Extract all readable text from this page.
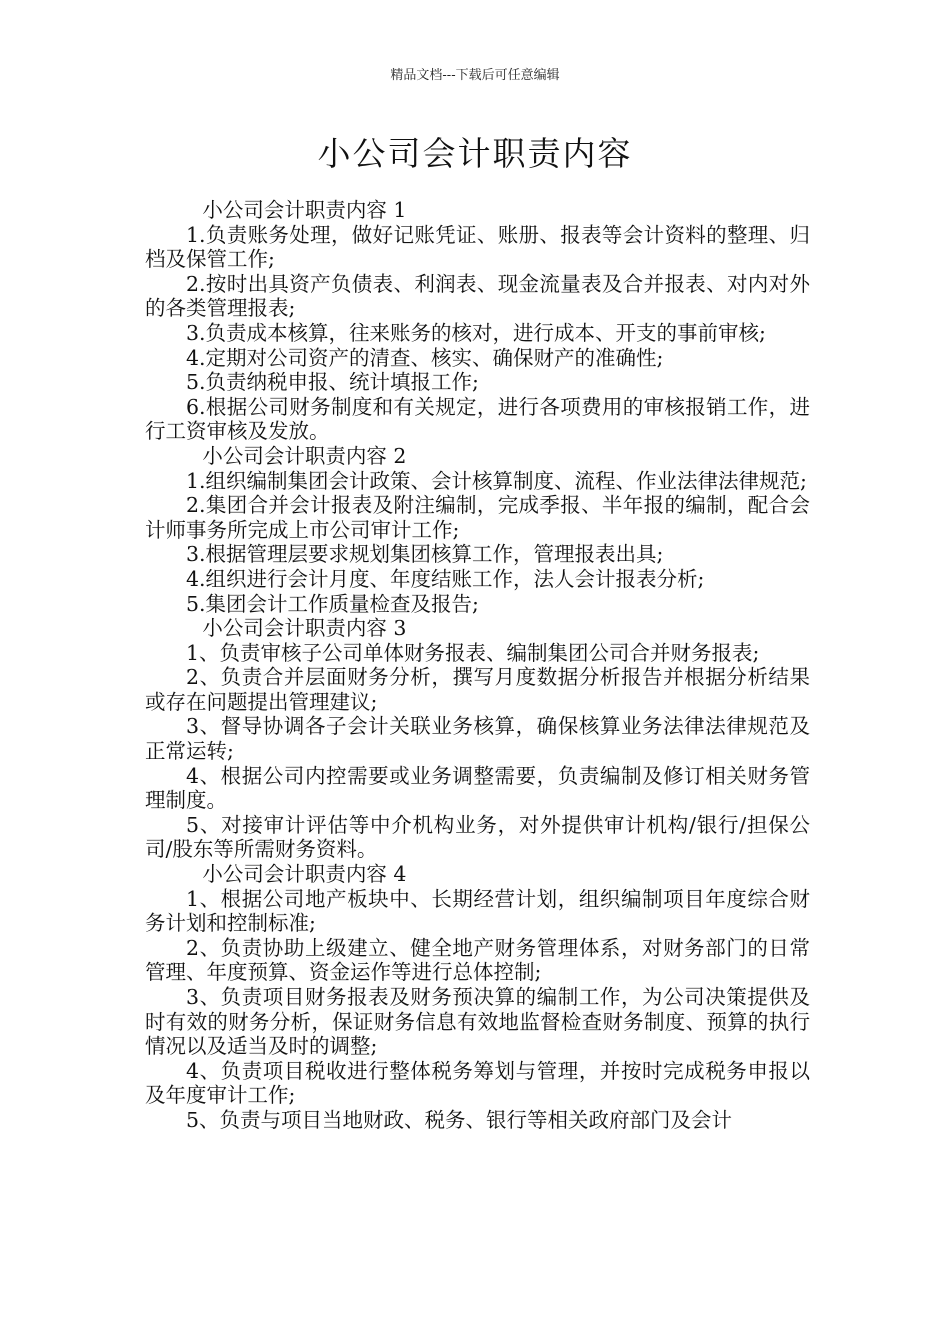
精品文档---下载后可任意编辑
小公司会计职责内容

小公司会计职责内容 1

1.负责账务处理，做好记账凭证、账册、报表等会计资料的整理、归档及保管工作;

2.按时出具资产负债表、利润表、现金流量表及合并报表、对内对外的各类管理报表;

3.负责成本核算，往来账务的核对，进行成本、开支的事前审核;

4.定期对公司资产的清查、核实、确保财产的准确性;

5.负责纳税申报、统计填报工作;

6.根据公司财务制度和有关规定，进行各项费用的审核报销工作，进行工资审核及发放。

小公司会计职责内容 2

1.组织编制集团会计政策、会计核算制度、流程、作业法律法律规范;

2.集团合并会计报表及附注编制，完成季报、半年报的编制，配合会计师事务所完成上市公司审计工作;

3.根据管理层要求规划集团核算工作，管理报表出具;

4.组织进行会计月度、年度结账工作，法人会计报表分析;

5.集团会计工作质量检查及报告;

小公司会计职责内容 3

1、负责审核子公司单体财务报表、编制集团公司合并财务报表;

2、负责合并层面财务分析，撰写月度数据分析报告并根据分析结果或存在问题提出管理建议;

3、督导协调各子会计关联业务核算，确保核算业务法律法律规范及正常运转;

4、根据公司内控需要或业务调整需要，负责编制及修订相关财务管理制度。

5、对接审计评估等中介机构业务，对外提供审计机构/银行/担保公司/股东等所需财务资料。

小公司会计职责内容 4

1、根据公司地产板块中、长期经营计划，组织编制项目年度综合财务计划和控制标准;

2、负责协助上级建立、健全地产财务管理体系，对财务部门的日常管理、年度预算、资金运作等进行总体控制;

3、负责项目财务报表及财务预决算的编制工作，为公司决策提供及时有效的财务分析，保证财务信息有效地监督检查财务制度、预算的执行情况以及适当及时的调整;

4、负责项目税收进行整体税务筹划与管理，并按时完成税务申报以及年度审计工作;

5、负责与项目当地财政、税务、银行等相关政府部门及会计
